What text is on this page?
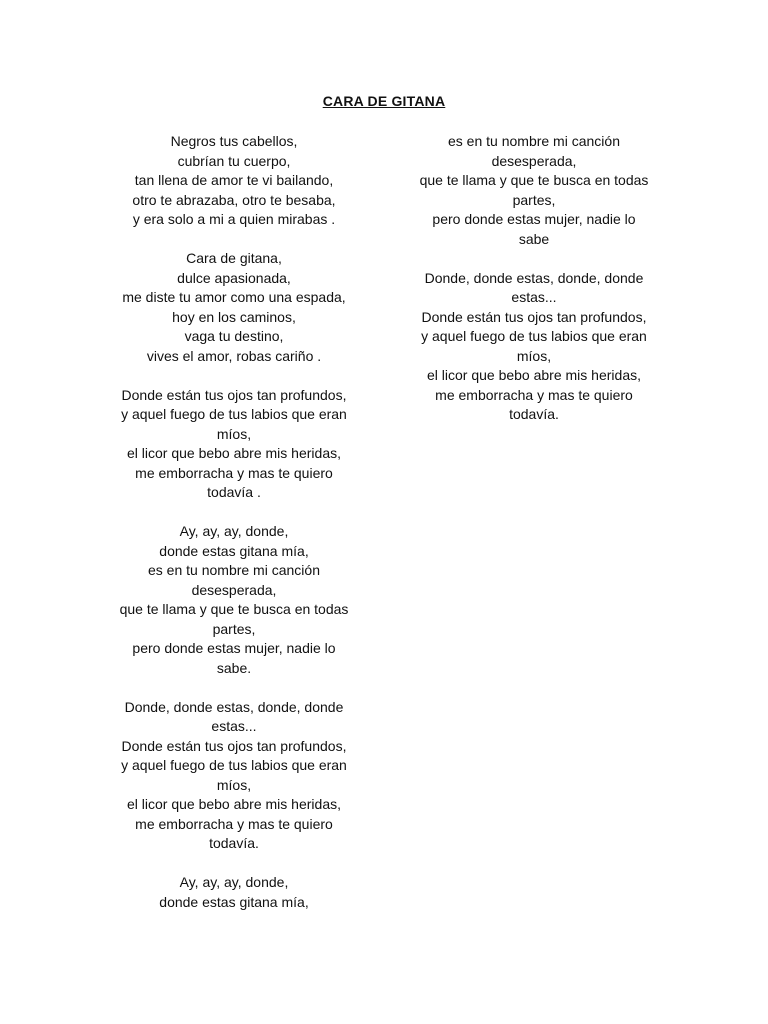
CARA DE GITANA
Negros tus cabellos,
cubrían tu cuerpo,
tan llena de amor te vi bailando,
otro te abrazaba, otro te besaba,
y era solo a mi a quien mirabas .
Cara de gitana,
dulce apasionada,
me diste tu amor como una espada,
hoy en los caminos,
vaga tu destino,
vives el amor, robas cariño .
Donde están tus ojos tan profundos,
y aquel fuego de tus labios que eran
míos,
el licor que bebo abre mis heridas,
me emborracha y mas te quiero
todavía .
Ay, ay, ay, donde,
donde estas gitana mía,
es en tu nombre mi canción
desesperada,
que te llama y que te busca en todas
partes,
pero donde estas mujer, nadie lo
sabe.
Donde, donde estas, donde, donde
estas...
Donde están tus ojos tan profundos,
y aquel fuego de tus labios que eran
míos,
el licor que bebo abre mis heridas,
me emborracha y mas te quiero
todavía.
Ay, ay, ay, donde,
donde estas gitana mía,
es en tu nombre mi canción
desesperada,
que te llama y que te busca en todas
partes,
pero donde estas mujer, nadie lo
sabe
Donde, donde estas, donde, donde
estas...
Donde están tus ojos tan profundos,
y aquel fuego de tus labios que eran
míos,
el licor que bebo abre mis heridas,
me emborracha y mas te quiero
todavía.
